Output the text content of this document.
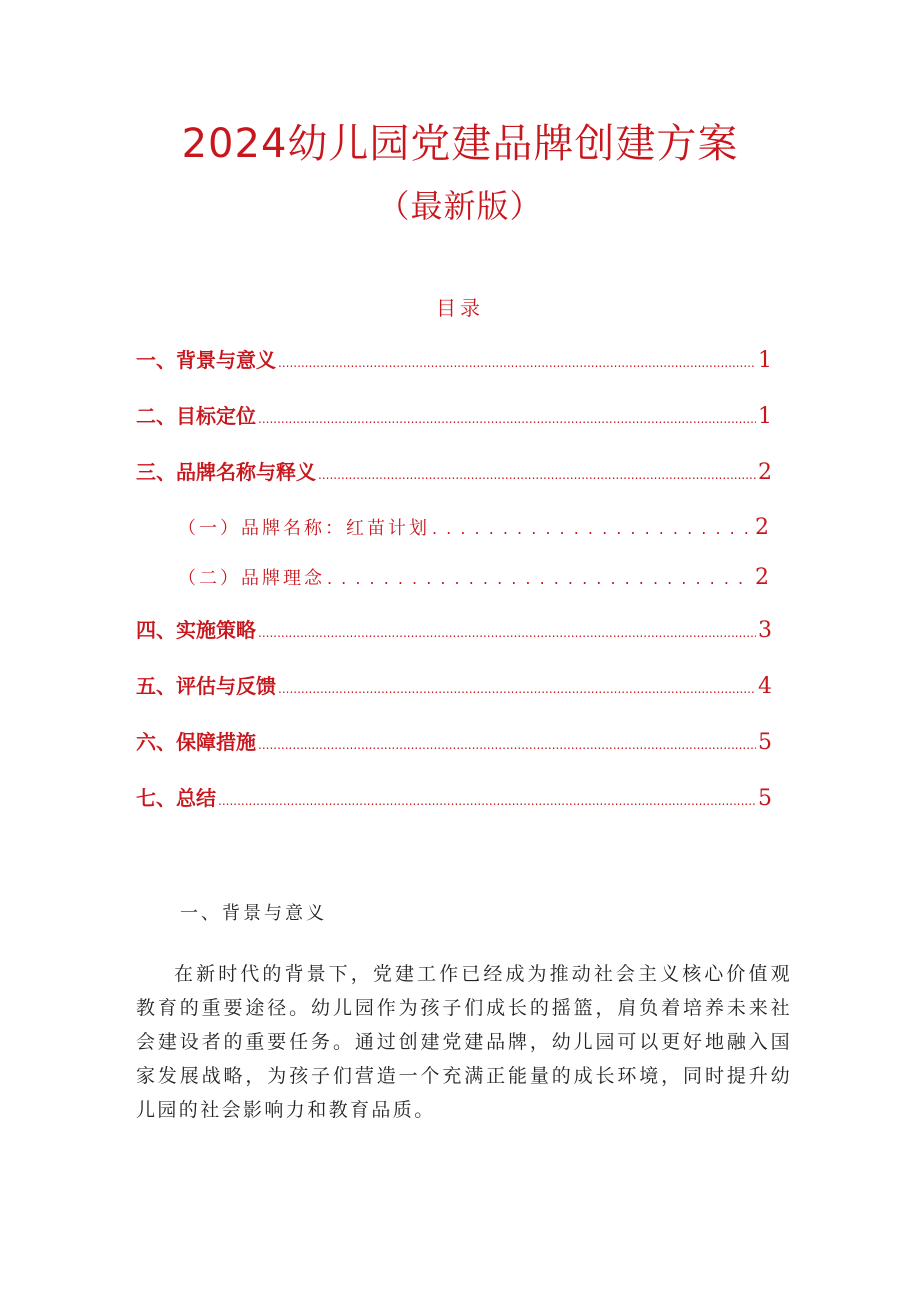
2024幼儿园党建品牌创建方案
（最新版）
目录
一、背景与意义 .....	1
二、目标定位 .....	1
三、品牌名称与释义 .....	2
（一）品牌名称：红苗计划 . . .	2
（二）品牌理念 . . .	2
四、实施策略 .....	3
五、评估与反馈 .....	4
六、保障措施 .....	5
七、总结 .....	5
一、背景与意义

在新时代的背景下，党建工作已经成为推动社会主义核心价值观教育的重要途径。幼儿园作为孩子们成长的摇篮，肩负着培养未来社会建设者的重要任务。通过创建党建品牌，幼儿园可以更好地融入国家发展战略，为孩子们营造一个充满正能量的成长环境，同时提升幼儿园的社会影响力和教育品质。
